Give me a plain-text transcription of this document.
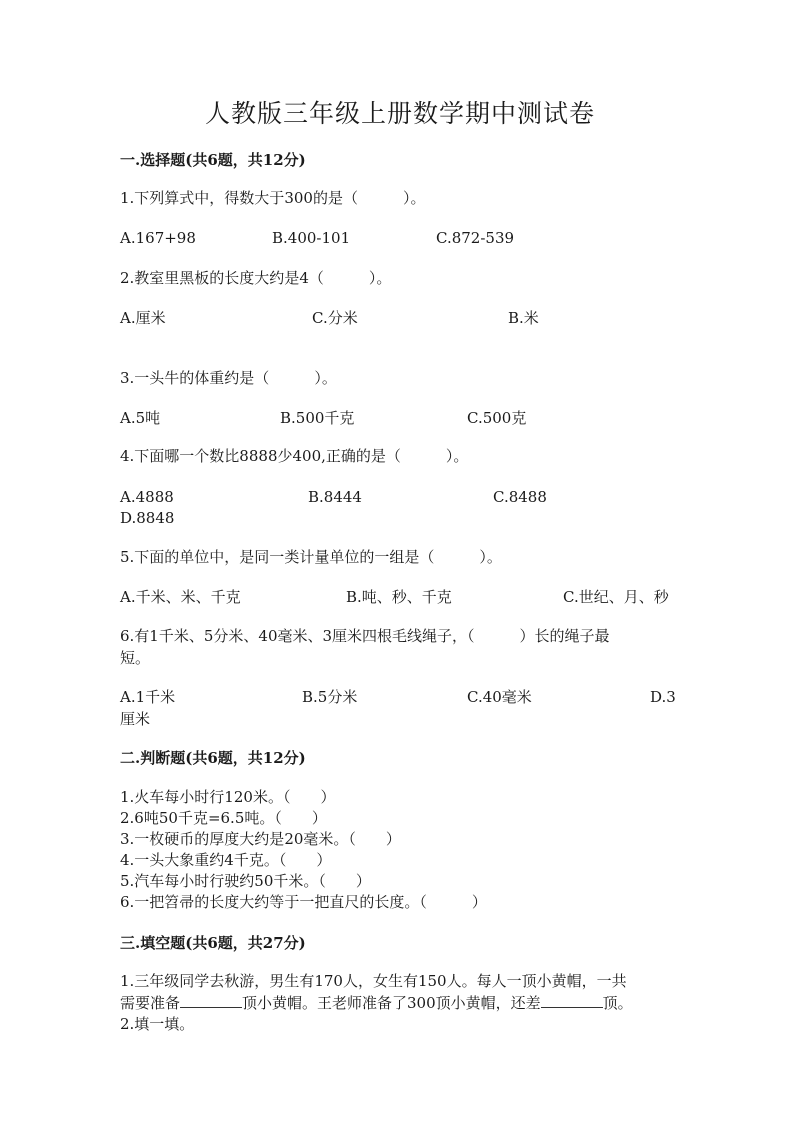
人教版三年级上册数学期中测试卷
一.选择题(共6题，共12分)
1.下列算式中，得数大于300的是（　　　）。
A.167+98	B.400-101	C.872-539
2.教室里黑板的长度大约是4（　　　）。
A.厘米	C.分米	B.米
3.一头牛的体重约是（　　　）。
A.5吨	B.500千克	C.500克
4.下面哪一个数比8888少400,正确的是（　　　）。
A.4888	B.8444	C.8488
D.8848
5.下面的单位中，是同一类计量单位的一组是（　　　）。
A.千米、米、千克	B.吨、秒、千克	C.世纪、月、秒
6.有1千米、5分米、40毫米、3厘米四根毛线绳子，（　　　）长的绳子最
短。
A.1千米	B.5分米	C.40毫米	D.3
厘米
二.判断题(共6题，共12分)
1.火车每小时行120米。（　　）
2.6吨50千克=6.5吨。（　　）
3.一枚硬币的厚度大约是20毫米。（　　）
4.一头大象重约4千克。（　　）
5.汽车每小时行驶约50千米。（　　）
6.一把笤帚的长度大约等于一把直尺的长度。（　　　）
三.填空题(共6题，共27分)
1.三年级同学去秋游，男生有170人，女生有150人。每人一顶小黄帽，一共
需要准备	顶小黄帽。王老师准备了300顶小黄帽，还差	顶。
2.填一填。
